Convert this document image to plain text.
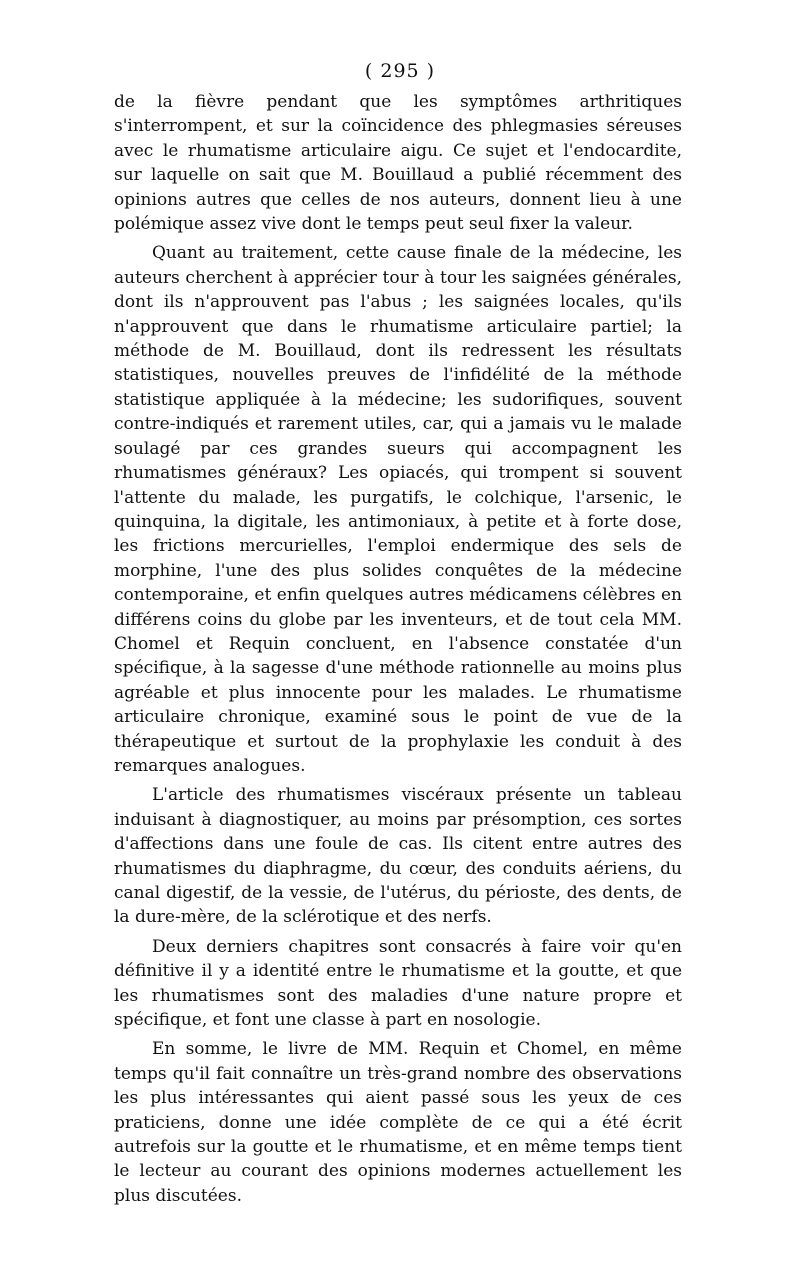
( 295 )

de la fièvre pendant que les symptômes arthritiques s'interrompent, et sur la coïncidence des phlegmasies séreuses avec le rhumatisme articulaire aigu. Ce sujet et l'endocardite, sur laquelle on sait que M. Bouillaud a publié récemment des opinions autres que celles de nos auteurs, donnent lieu à une polémique assez vive dont le temps peut seul fixer la valeur.

Quant au traitement, cette cause finale de la médecine, les auteurs cherchent à apprécier tour à tour les saignées générales, dont ils n'approuvent pas l'abus ; les saignées locales, qu'ils n'approuvent que dans le rhumatisme articulaire partiel; la méthode de M. Bouillaud, dont ils redressent les résultats statistiques, nouvelles preuves de l'infidélité de la méthode statistique appliquée à la médecine; les sudorifiques, souvent contre-indiqués et rarement utiles, car, qui a jamais vu le malade soulagé par ces grandes sueurs qui accompagnent les rhumatismes généraux? Les opiacés, qui trompent si souvent l'attente du malade, les purgatifs, le colchique, l'arsenic, le quinquina, la digitale, les antimoniaux, à petite et à forte dose, les frictions mercurielles, l'emploi endermique des sels de morphine, l'une des plus solides conquêtes de la médecine contemporaine, et enfin quelques autres médicamens célèbres en différens coins du globe par les inventeurs, et de tout cela MM. Chomel et Requin concluent, en l'absence constatée d'un spécifique, à la sagesse d'une méthode rationnelle au moins plus agréable et plus innocente pour les malades. Le rhumatisme articulaire chronique, examiné sous le point de vue de la thérapeutique et surtout de la prophylaxie les conduit à des remarques analogues.

L'article des rhumatismes viscéraux présente un tableau induisant à diagnostiquer, au moins par présomption, ces sortes d'affections dans une foule de cas. Ils citent entre autres des rhumatismes du diaphragme, du cœur, des conduits aériens, du canal digestif, de la vessie, de l'utérus, du périoste, des dents, de la dure-mère, de la sclérotique et des nerfs.

Deux derniers chapitres sont consacrés à faire voir qu'en définitive il y a identité entre le rhumatisme et la goutte, et que les rhumatismes sont des maladies d'une nature propre et spécifique, et font une classe à part en nosologie.

En somme, le livre de MM. Requin et Chomel, en même temps qu'il fait connaître un très-grand nombre des observations les plus intéressantes qui aient passé sous les yeux de ces praticiens, donne une idée complète de ce qui a été écrit autrefois sur la goutte et le rhumatisme, et en même temps tient le lecteur au courant des opinions modernes actuellement les plus discutées.
